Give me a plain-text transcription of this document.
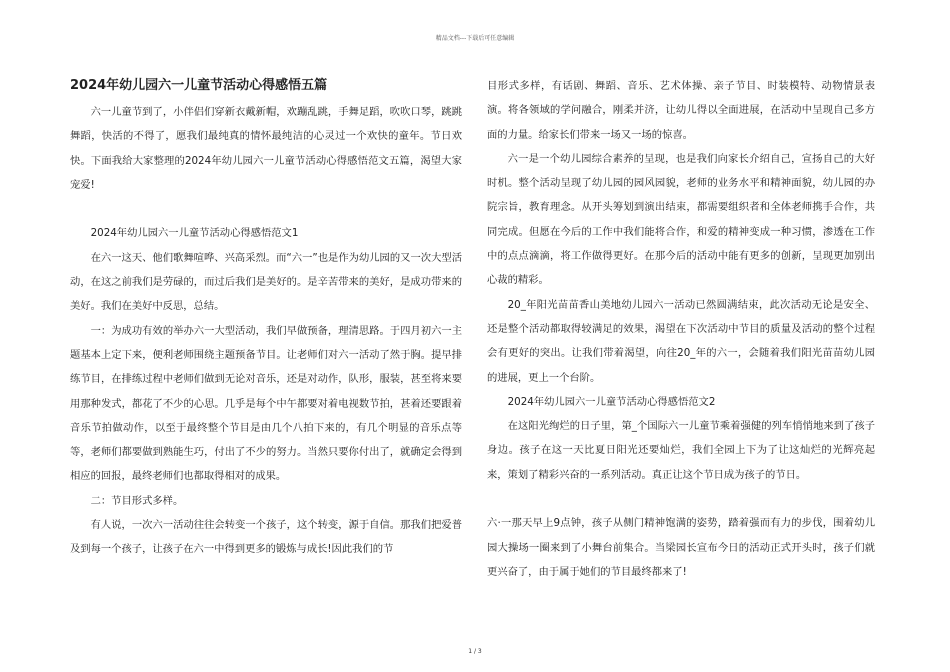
精品文档---下载后可任意编辑
2024年幼儿园六一儿童节活动心得感悟五篇

六一儿童节到了，小伴侣们穿新衣戴新帽，欢蹦乱跳，手舞足蹈，吹吹口琴，跳跳舞蹈，快活的不得了，愿我们最纯真的情怀最纯洁的心灵过一个欢快的童年。节日欢快。下面我给大家整理的2024年幼儿园六一儿童节活动心得感悟范文五篇，渴望大家宠爱!

2024年幼儿园六一儿童节活动心得感悟范文1

在六一这天、他们歌舞喧哗、兴高采烈。而“六一”也是作为幼儿园的又一次大型活动，在这之前我们是劳碌的，而过后我们是美好的。是辛苦带来的美好，是成功带来的美好。我们在美好中反思，总结。

一：为成功有效的举办六一大型活动，我们早做预备，理清思路。于四月初六一主题基本上定下来，便利老师围绕主题预备节目。让老师们对六一活动了然于胸。提早排练节目，在排练过程中老师们做到无论对音乐，还是对动作，队形，服装，甚至将来要用那种发式，都花了不少的心思。几乎是每个中午都要对着电视数节拍，甚着还要跟着音乐节拍做动作，以至于最终整个节目是由几个八拍下来的，有几个明显的音乐点等等，老师们都要做到熟能生巧，付出了不少的努力。当然只要你付出了，就确定会得到相应的回报，最终老师们也都取得相对的成果。

二：节目形式多样。

有人说，一次六一活动往往会转变一个孩子，这个转变，源于自信。那我们把爱普及到每一个孩子，让孩子在六一中得到更多的锻炼与成长!因此我们的节

目形式多样，有话剧、舞蹈、音乐、艺术体操、亲子节目、时装模特、动物情景表演。将各领域的学问融合，刚柔并济，让幼儿得以全面进展，在活动中呈现自己多方面的力量。给家长们带来一场又一场的惊喜。

六一是一个幼儿园综合素养的呈现，也是我们向家长介绍自己，宣扬自己的大好时机。整个活动呈现了幼儿园的园风园貌，老师的业务水平和精神面貌，幼儿园的办院宗旨，教育理念。从开头筹划到演出结束，都需要组织者和全体老师携手合作，共同完成。但愿在今后的工作中我们能将合作，和爱的精神变成一种习惯，渗透在工作中的点点滴滴，将工作做得更好。在那今后的活动中能有更多的创新，呈现更加别出心裁的精彩。

20_年阳光苗苗香山美地幼儿园六一活动已然圆满结束，此次活动无论是安全、还是整个活动都取得较满足的效果，渴望在下次活动中节目的质量及活动的整个过程会有更好的突出。让我们带着渴望，向往20_年的六一，会随着我们阳光苗苗幼儿园的进展，更上一个台阶。

2024年幼儿园六一儿童节活动心得感悟范文2

在这阳光绚烂的日子里，第_个国际六一儿童节乘着强健的列车悄悄地来到了孩子身边。孩子在这一天比夏日阳光还要灿烂，我们全园上下为了让这灿烂的光辉亮起来，策划了精彩兴奋的一系列活动。真正让这个节日成为孩子的节日。

六·一那天早上9点钟，孩子从侧门精神饱满的姿势，踏着强而有力的步伐，围着幼儿园大操场一圈来到了小舞台前集合。当梁园长宣布今日的活动正式开头时，孩子们就更兴奋了，由于属于她们的节目最终都来了!

1 / 3
